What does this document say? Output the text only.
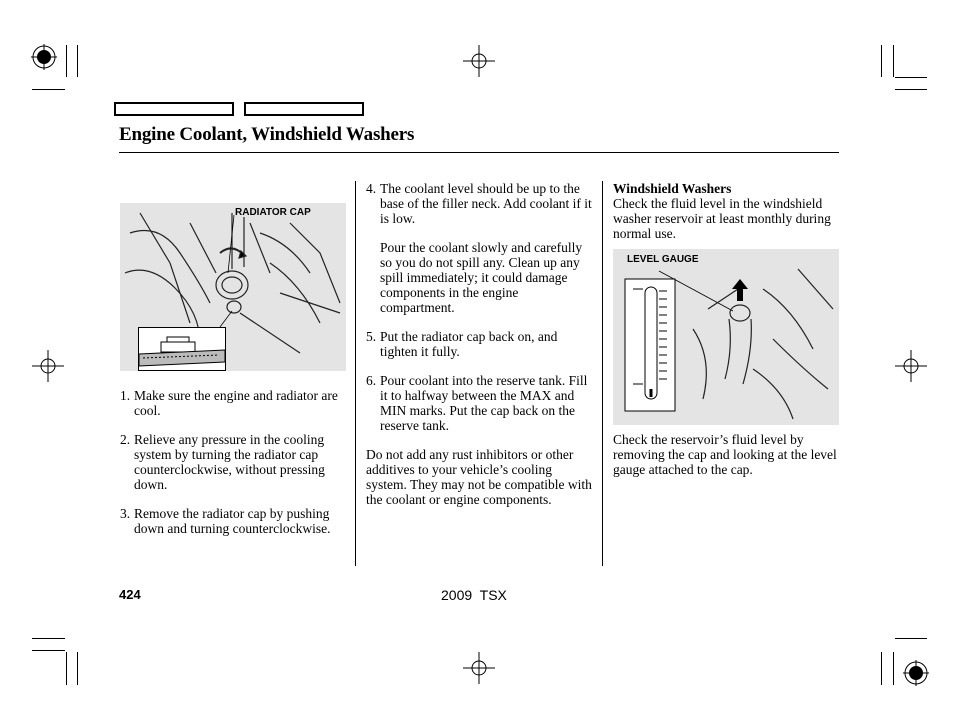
Engine Coolant, Windshield Washers
RADIATOR CAP
1. Make sure the engine and radiator are cool.
2. Relieve any pressure in the cooling system by turning the radiator cap counterclockwise, without pressing down.
3. Remove the radiator cap by pushing down and turning counterclockwise.
4. The coolant level should be up to the base of the filler neck. Add coolant if it is low.
Pour the coolant slowly and carefully so you do not spill any. Clean up any spill immediately; it could damage components in the engine compartment.
5. Put the radiator cap back on, and tighten it fully.
6. Pour coolant into the reserve tank. Fill it to halfway between the MAX and MIN marks. Put the cap back on the reserve tank.

Do not add any rust inhibitors or other additives to your vehicle’s cooling system. They may not be compatible with the coolant or engine components.

Windshield Washers

Check the fluid level in the windshield washer reservoir at least monthly during normal use.

LEVEL GAUGE

Check the reservoir’s fluid level by removing the cap and looking at the level gauge attached to the cap.

424	2009  TSX
